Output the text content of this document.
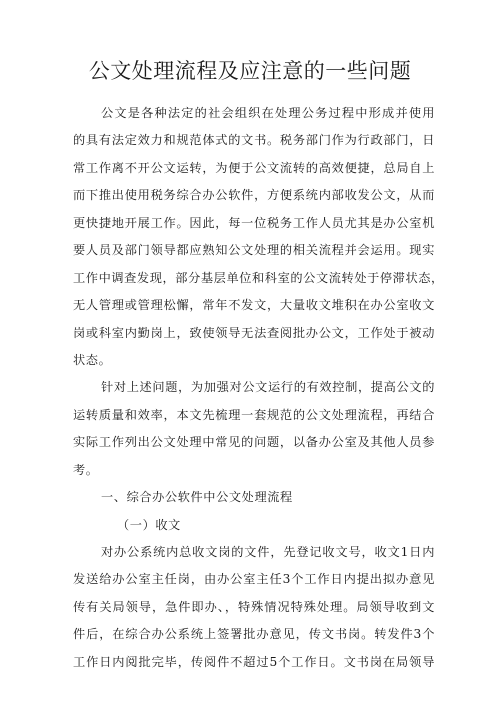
公文处理流程及应注意的一些问题
公文是各种法定的社会组织在处理公务过程中形成并使用
的具有法定效力和规范体式的文书。税务部门作为行政部门，日
常工作离不开公文运转，为便于公文流转的高效便捷，总局自上
而下推出使用税务综合办公软件，方便系统内部收发公文，从而
更快捷地开展工作。因此，每一位税务工作人员尤其是办公室机
要人员及部门领导都应熟知公文处理的相关流程并会运用。现实
工作中调查发现，部分基层单位和科室的公文流转处于停滞状态，
无人管理或管理松懈，常年不发文，大量收文堆积在办公室收文
岗或科室内勤岗上，致使领导无法查阅批办公文，工作处于被动
状态。
针对上述问题，为加强对公文运行的有效控制，提高公文的
运转质量和效率，本文先梳理一套规范的公文处理流程，再结合
实际工作列出公文处理中常见的问题，以备办公室及其他人员参
考。
一、综合办公软件中公文处理流程
（一）收文
对办公系统内总收文岗的文件，先登记收文号，收文1日内
发送给办公室主任岗，由办公室主任3个工作日内提出拟办意见
传有关局领导，急件即办、，特殊情况特殊处理。局领导收到文
件后，在综合办公系统上签署批办意见，传文书岗。转发件3个
工作日内阅批完毕，传阅件不超过5个工作日。文书岗在局领导
